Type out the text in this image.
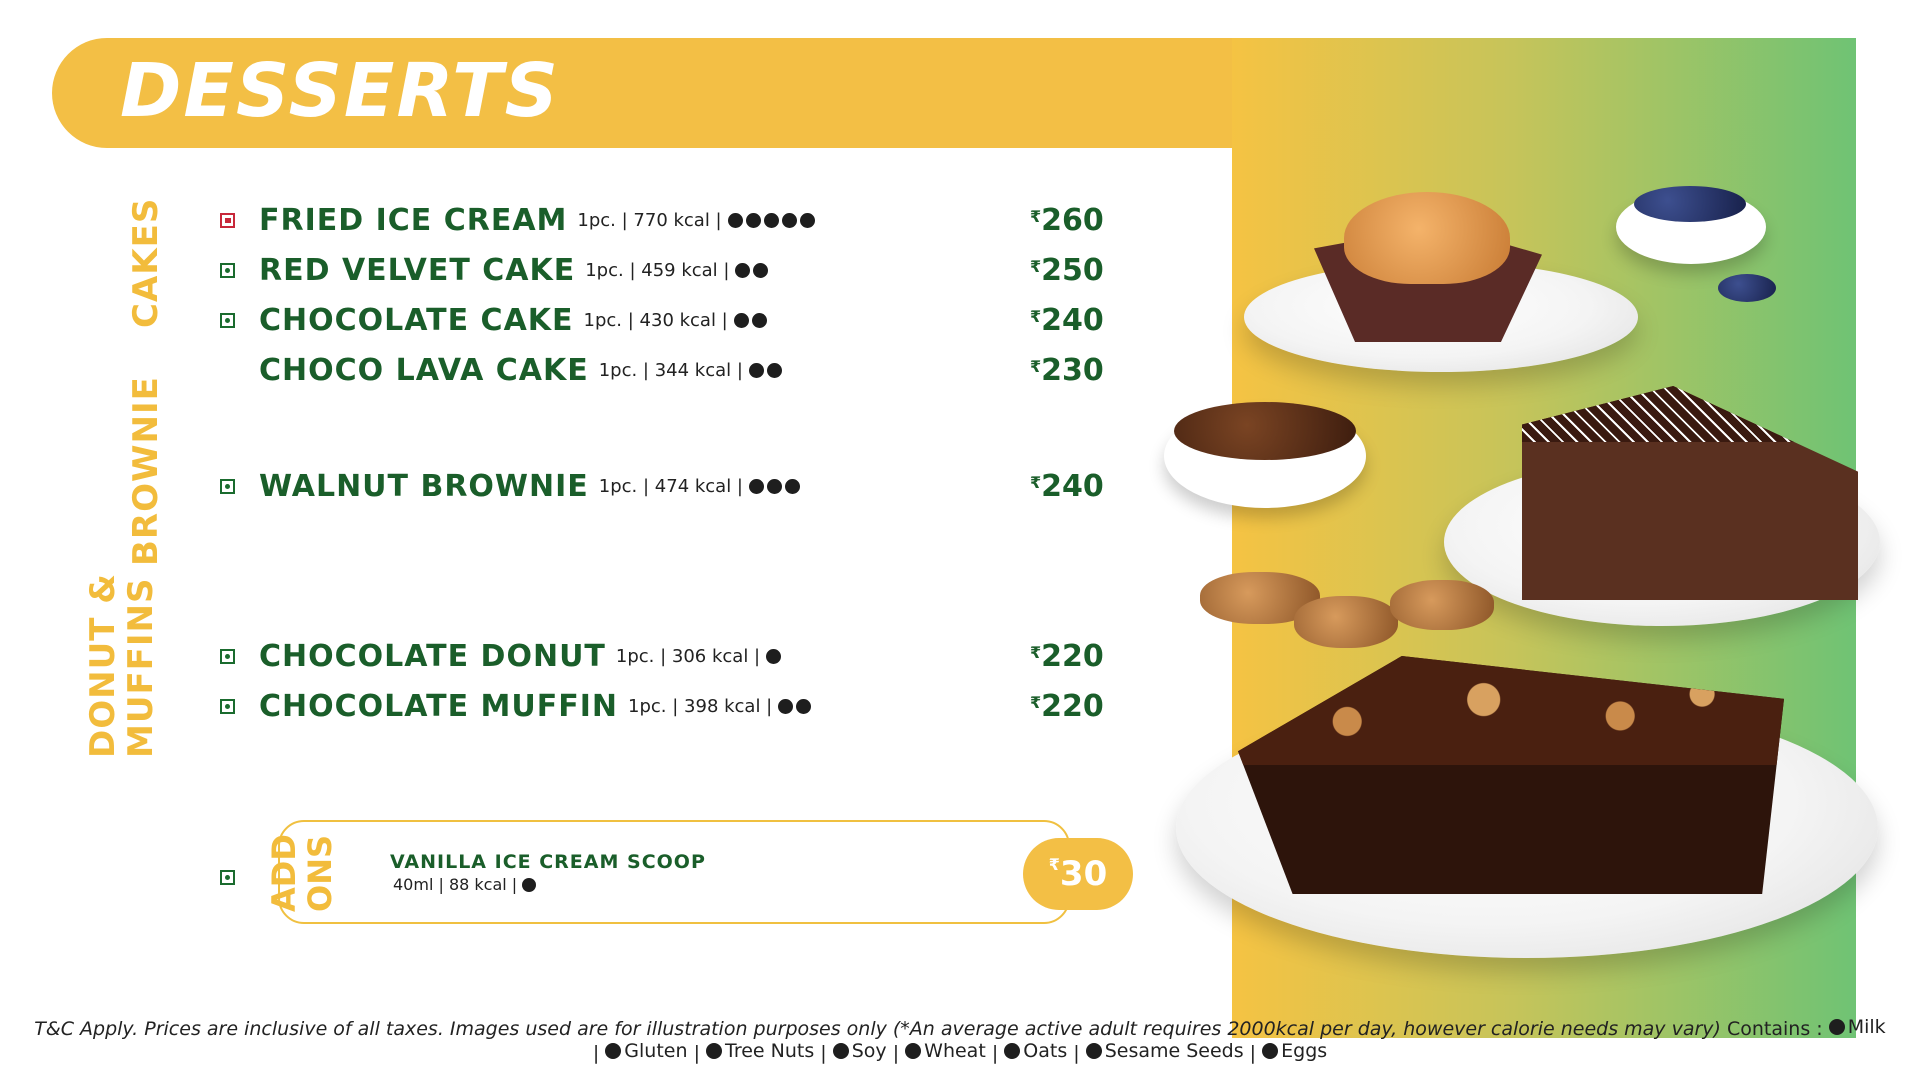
DESSERTS
CAKES
BROWNIE
DONUT &
MUFFINS
FRIED ICE CREAM 1pc. | 770 kcal |	₹260
RED VELVET CAKE 1pc. | 459 kcal |	₹250
CHOCOLATE CAKE 1pc. | 430 kcal |	₹240
CHOCO LAVA CAKE 1pc. | 344 kcal |	₹230
WALNUT BROWNIE 1pc. | 474 kcal |	₹240
CHOCOLATE DONUT 1pc. | 306 kcal |	₹220
CHOCOLATE MUFFIN 1pc. | 398 kcal |	₹220
ADD
ONS	VANILLA ICE CREAM SCOOP
40ml | 88 kcal |
₹ 30
T&C Apply. Prices are inclusive of all taxes. Images used are for illustration purposes only (*An average active adult requires 2000kcal per day, however calorie needs may vary) Contains : Milk
| Gluten | Tree Nuts | Soy | Wheat | Oats | Sesame Seeds | Eggs
